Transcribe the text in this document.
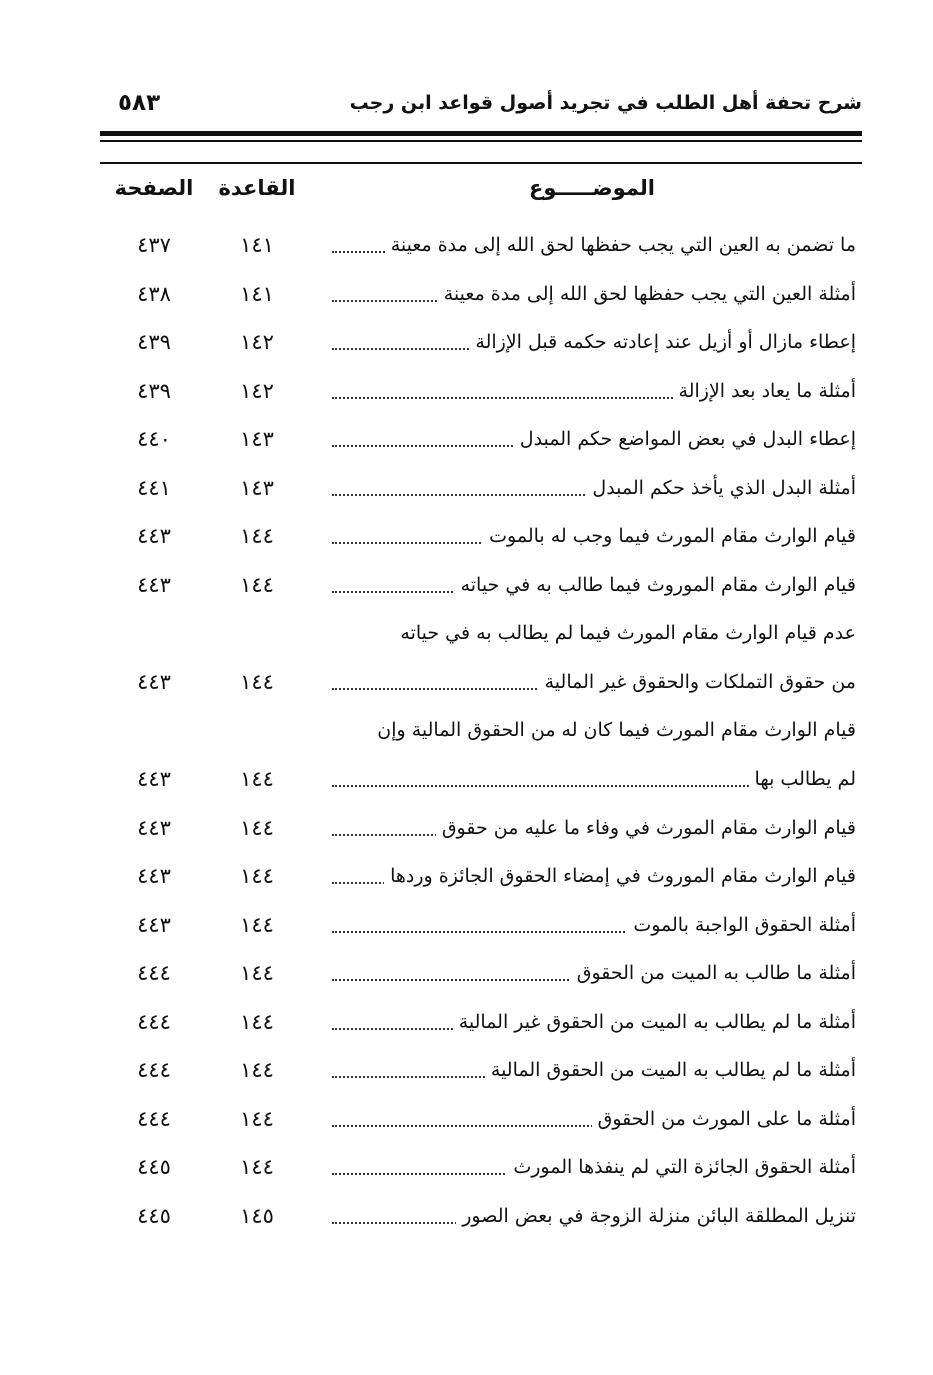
شرح تحفة أهل الطلب في تجريد أصول قواعد ابن رجب
٥٨٣
الموضـــــوع
القاعدة
الصفحة
ما تضمن به العين التي يجب حفظها لحق الله إلى مدة معينة
١٤١
٤٣٧
أمثلة العين التي يجب حفظها لحق الله إلى مدة معينة
١٤١
٤٣٨
إعطاء مازال أو أزيل عند إعادته حكمه قبل الإزالة
١٤٢
٤٣٩
أمثلة ما يعاد بعد الإزالة
١٤٢
٤٣٩
إعطاء البدل في بعض المواضع حكم المبدل
١٤٣
٤٤٠
أمثلة البدل الذي يأخذ حكم المبدل
١٤٣
٤٤١
قيام الوارث مقام المورث فيما وجب له بالموت
١٤٤
٤٤٣
قيام الوارث مقام الموروث فيما طالب به في حياته
١٤٤
٤٤٣
عدم قيام الوارث مقام المورث فيما لم يطالب به في حياته
من حقوق التملكات والحقوق غير المالية
١٤٤
٤٤٣
قيام الوارث مقام المورث فيما كان له من الحقوق المالية وإن
لم يطالب بها
١٤٤
٤٤٣
قيام الوارث مقام المورث في وفاء ما عليه من حقوق
١٤٤
٤٤٣
قيام الوارث مقام الموروث في إمضاء الحقوق الجائزة وردها
١٤٤
٤٤٣
أمثلة الحقوق الواجبة بالموت
١٤٤
٤٤٣
أمثلة ما طالب به الميت من الحقوق
١٤٤
٤٤٤
أمثلة ما لم يطالب به الميت من الحقوق غير المالية
١٤٤
٤٤٤
أمثلة ما لم يطالب به الميت من الحقوق المالية
١٤٤
٤٤٤
أمثلة ما على المورث من الحقوق
١٤٤
٤٤٤
أمثلة الحقوق الجائزة التي لم ينفذها المورث
١٤٤
٤٤٥
تنزيل المطلقة البائن منزلة الزوجة في بعض الصور
١٤٥
٤٤٥
